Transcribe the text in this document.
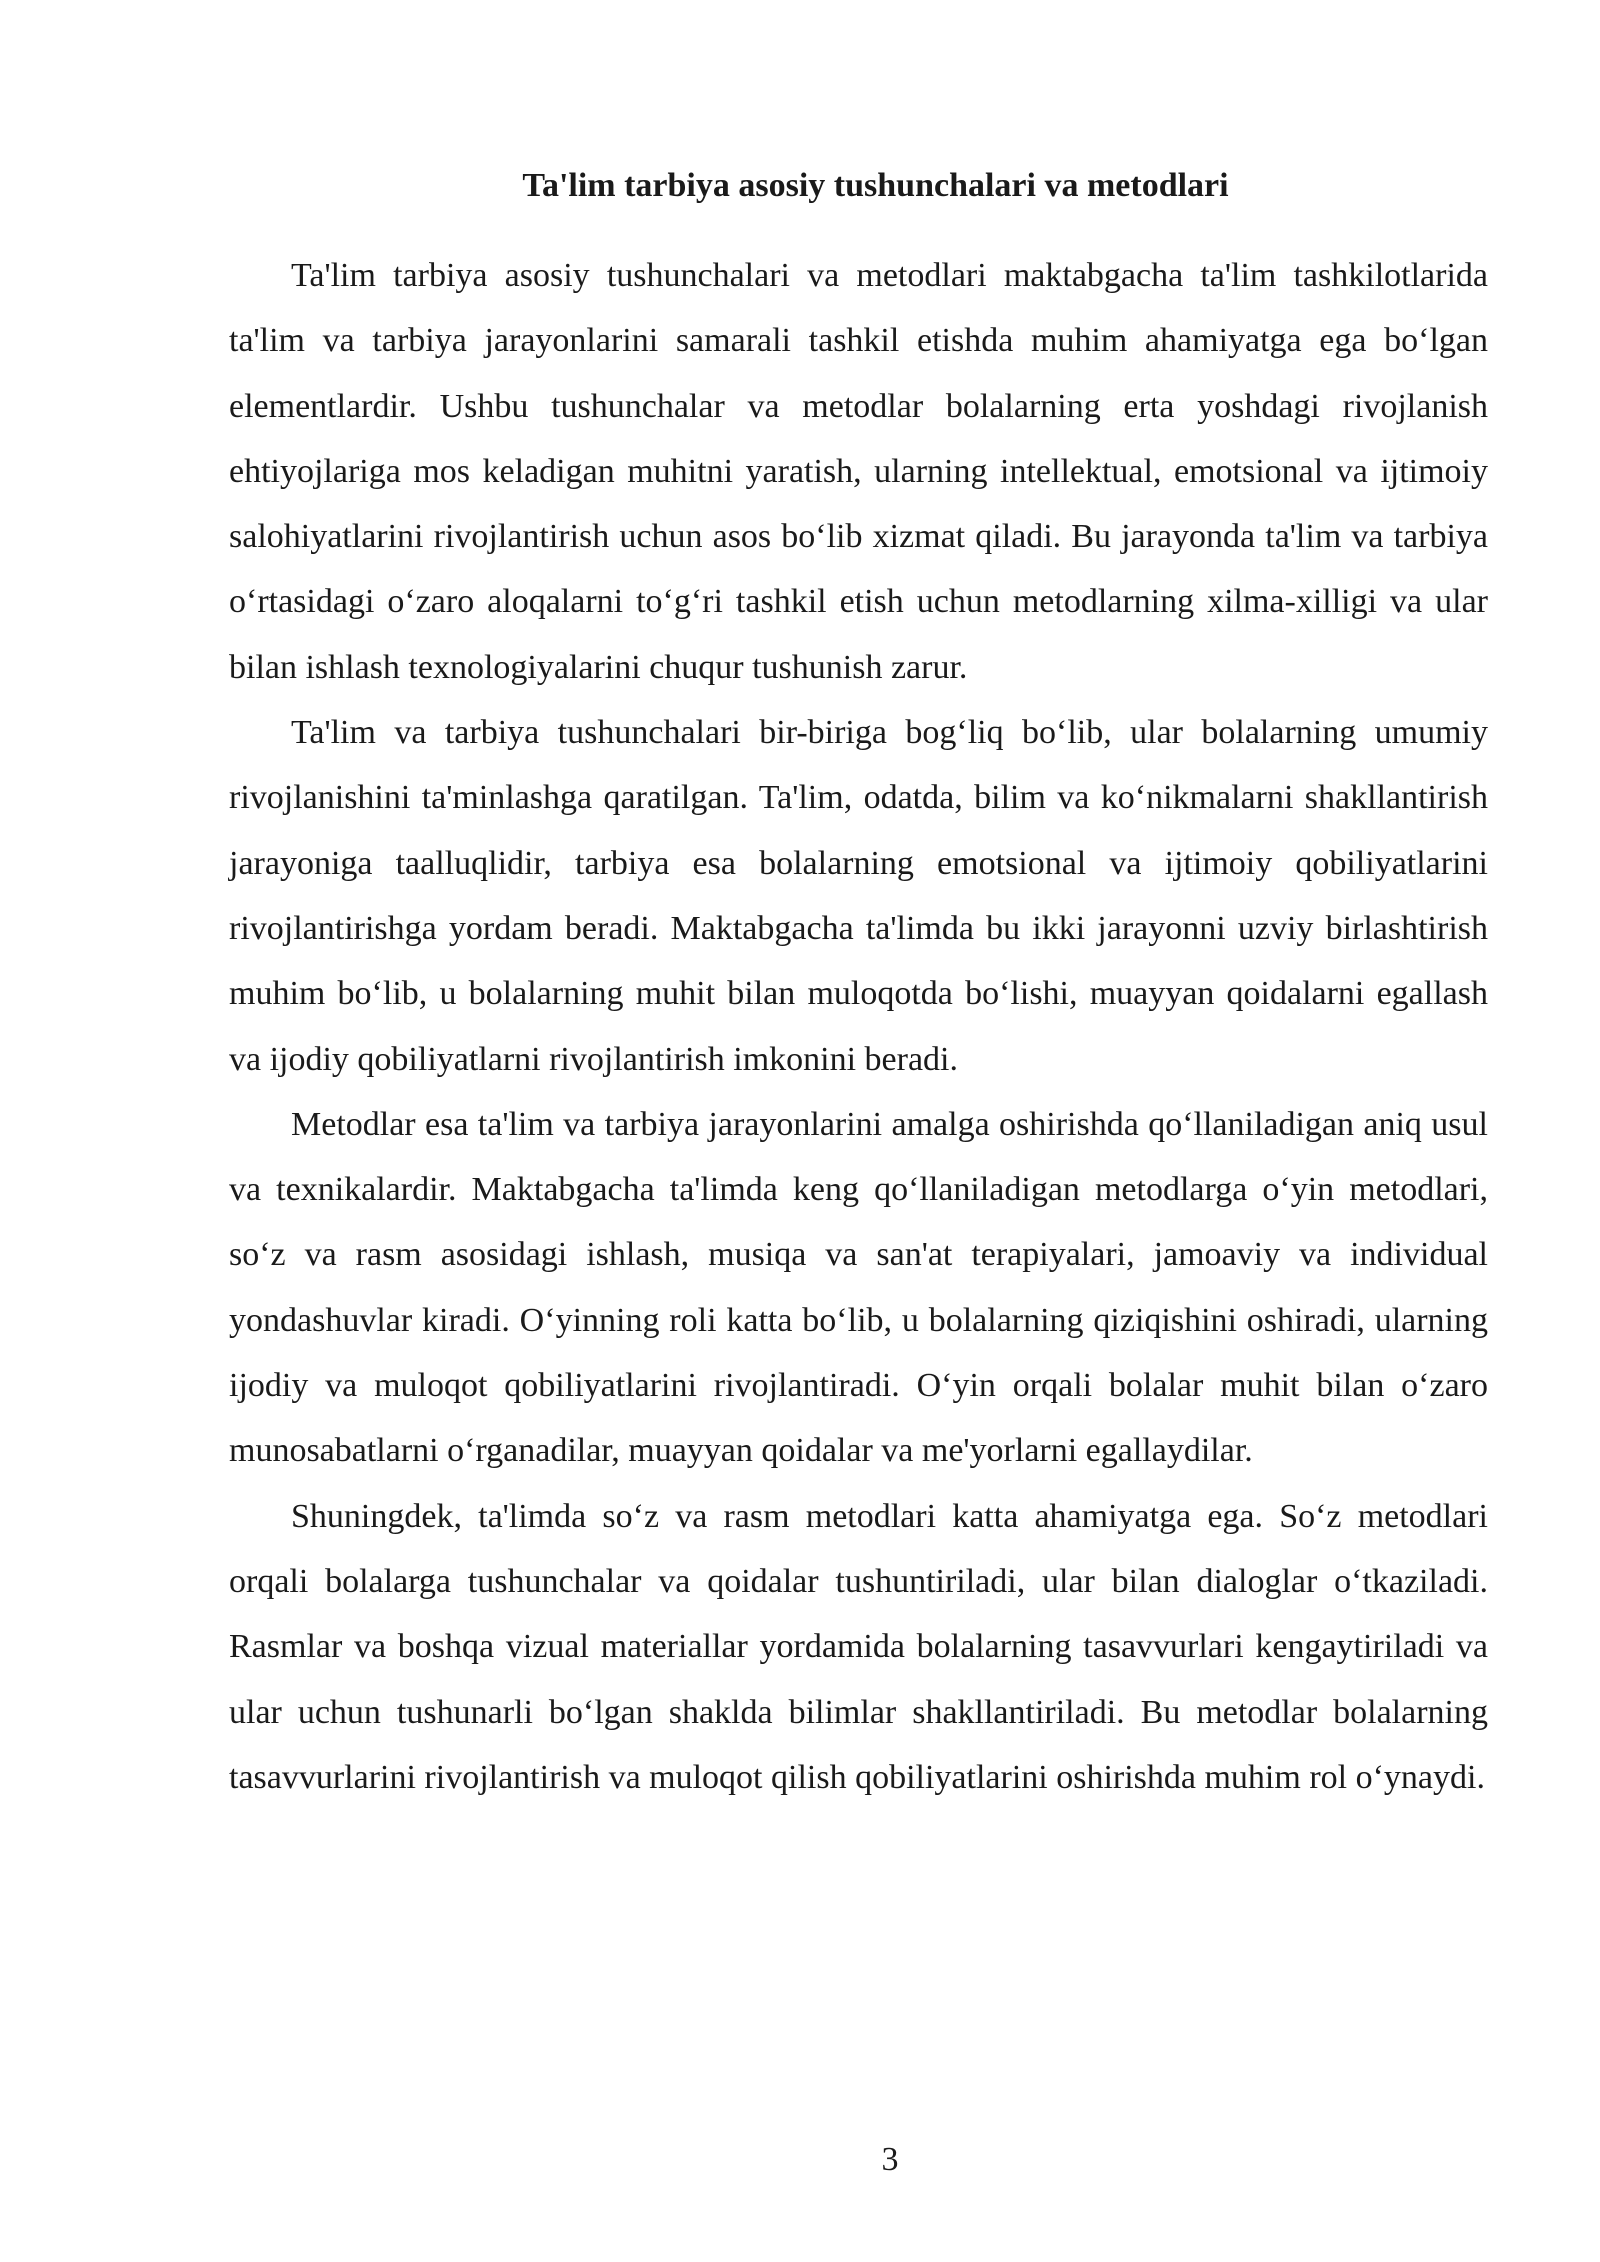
Ta'lim tarbiya asosiy tushunchalari va metodlari

Ta'lim tarbiya asosiy tushunchalari va metodlari maktabgacha ta'lim tashkilotlarida ta'lim va tarbiya jarayonlarini samarali tashkil etishda muhim ahamiyatga ega bo‘lgan elementlardir. Ushbu tushunchalar va metodlar bolalarning erta yoshdagi rivojlanish ehtiyojlariga mos keladigan muhitni yaratish, ularning intellektual, emotsional va ijtimoiy salohiyatlarini rivojlantirish uchun asos bo‘lib xizmat qiladi. Bu jarayonda ta'lim va tarbiya o‘rtasidagi o‘zaro aloqalarni to‘g‘ri tashkil etish uchun metodlarning xilma-xilligi va ular bilan ishlash texnologiyalarini chuqur tushunish zarur.

Ta'lim va tarbiya tushunchalari bir-biriga bog‘liq bo‘lib, ular bolalarning umumiy rivojlanishini ta'minlashga qaratilgan. Ta'lim, odatda, bilim va ko‘nikmalarni shakllantirish jarayoniga taalluqlidir, tarbiya esa bolalarning emotsional va ijtimoiy qobiliyatlarini rivojlantirishga yordam beradi. Maktabgacha ta'limda bu ikki jarayonni uzviy birlashtirish muhim bo‘lib, u bolalarning muhit bilan muloqotda bo‘lishi, muayyan qoidalarni egallash va ijodiy qobiliyatlarni rivojlantirish imkonini beradi.

Metodlar esa ta'lim va tarbiya jarayonlarini amalga oshirishda qo‘llaniladigan aniq usul va texnikalardir. Maktabgacha ta'limda keng qo‘llaniladigan metodlarga o‘yin metodlari, so‘z va rasm asosidagi ishlash, musiqa va san'at terapiyalari, jamoaviy va individual yondashuvlar kiradi. O‘yinning roli katta bo‘lib, u bolalarning qiziqishini oshiradi, ularning ijodiy va muloqot qobiliyatlarini rivojlantiradi. O‘yin orqali bolalar muhit bilan o‘zaro munosabatlarni o‘rganadilar, muayyan qoidalar va me'yorlarni egallaydilar.

Shuningdek, ta'limda so‘z va rasm metodlari katta ahamiyatga ega. So‘z metodlari orqali bolalarga tushunchalar va qoidalar tushuntiriladi, ular bilan dialoglar o‘tkaziladi. Rasmlar va boshqa vizual materiallar yordamida bolalarning tasavvurlari kengaytiriladi va ular uchun tushunarli bo‘lgan shaklda bilimlar shakllantiriladi. Bu metodlar bolalarning tasavvurlarini rivojlantirish va muloqot qilish qobiliyatlarini oshirishda muhim rol o‘ynaydi.

3
